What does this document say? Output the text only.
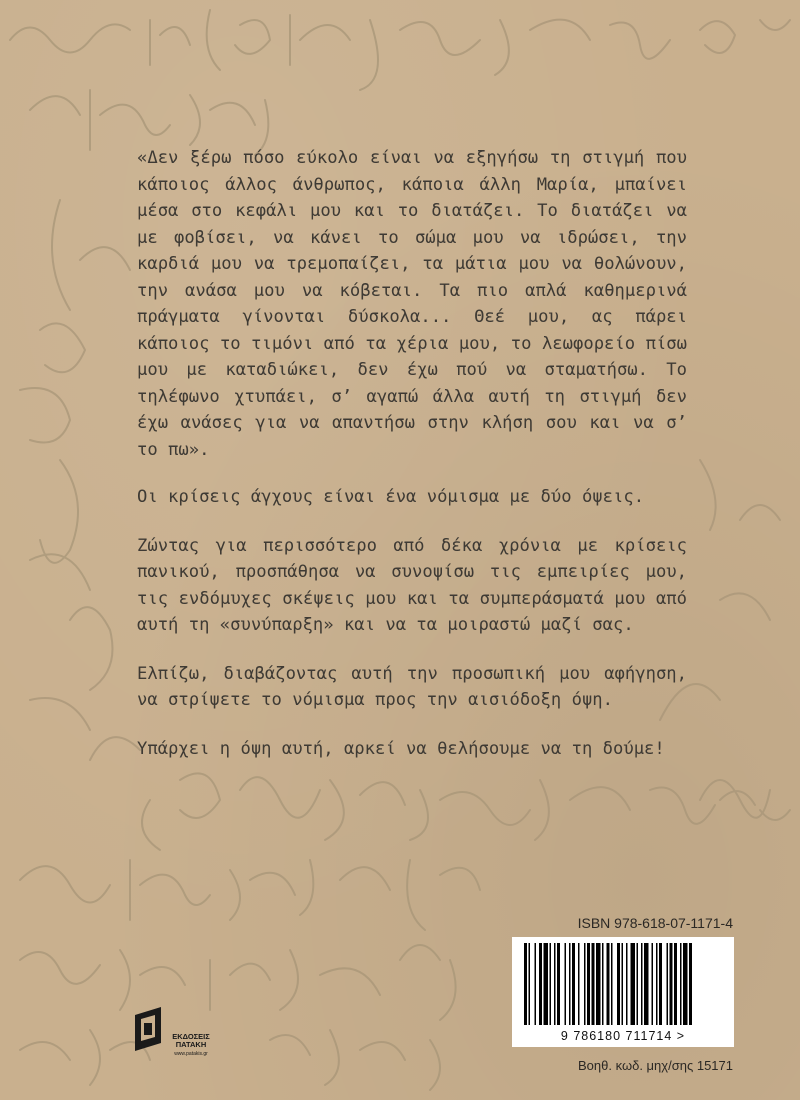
«Δεν ξέρω πόσο εύκολο είναι να εξηγήσω τη στιγμή που κάποιος άλλος άνθρωπος, κάποια άλλη Μαρία, μπαίνει μέσα στο κεφάλι μου και το διατάζει. Το διατάζει να με φοβίσει, να κάνει το σώμα μου να ιδρώσει, την καρδιά μου να τρεμοπαίζει, τα μάτια μου να θολώνουν, την ανάσα μου να κόβεται. Τα πιο απλά καθημερινά πράγματα γίνονται δύσκολα... Θεέ μου, ας πάρει κάποιος το τιμόνι από τα χέρια μου, το λεωφορείο πίσω μου με καταδιώκει, δεν έχω πού να σταματήσω. Το τηλέφωνο χτυπάει, σ’ αγαπώ άλλα αυτή τη στιγμή δεν έχω ανάσες για να απαντήσω στην κλήση σου και να σ’ το πω».

Οι κρίσεις άγχους είναι ένα νόμισμα με δύο όψεις.

Ζώντας για περισσότερο από δέκα χρόνια με κρίσεις πανικού, προσπάθησα να συνοψίσω τις εμπειρίες μου, τις ενδόμυχες σκέψεις μου και τα συμπεράσματά μου από αυτή τη «συνύπαρξη» και να τα μοιραστώ μαζί σας.

Ελπίζω, διαβάζοντας αυτή την προσωπική μου αφήγηση, να στρίψετε το νόμισμα προς την αισιόδοξη όψη.

Υπάρχει η όψη αυτή, αρκεί να θελήσουμε να τη δούμε!

ΕΚΔΟΣΕΙΣ
ΠΑΤΑΚΗ
www.patakis.gr
ISBN 978-618-07-1171-4
9 786180 711714 >
Βοηθ. κωδ. μηχ/σης 15171
